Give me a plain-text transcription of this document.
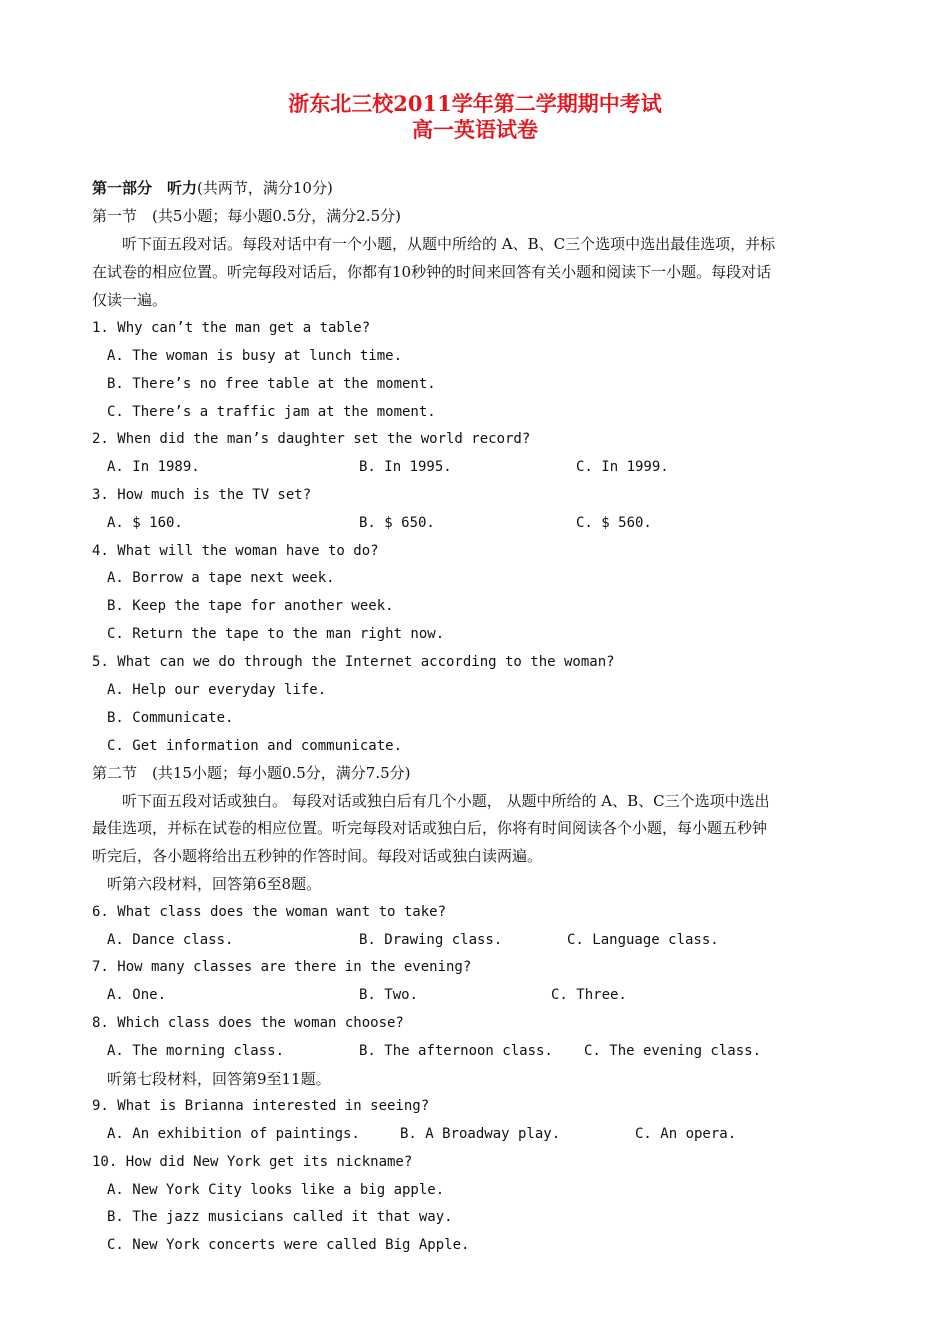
浙东北三校2011学年第二学期期中考试
高一英语试卷
第一部分　听力(共两节，满分10分)
第一节　(共5小题；每小题0.5分，满分2.5分)
听下面五段对话。每段对话中有一个小题，从题中所给的 A、B、C三个选项中选出最佳选项，并标
在试卷的相应位置。听完每段对话后，你都有10秒钟的时间来回答有关小题和阅读下一小题。每段对话
仅读一遍。
1. Why can’t the man get a table?
A. The woman is busy at lunch time.
B. There’s no free table at the moment.
C. There’s a traffic jam at the moment.
2. When did the man’s daughter set the world record?
A. In 1989.	B. In 1995.	C. In 1999.
3. How much is the TV set?
A. $ 160.	B. $ 650.	C. $ 560.
4. What will the woman have to do?
A. Borrow a tape next week.
B. Keep the tape for another week.
C. Return the tape to the man right now.
5. What can we do through the Internet according to the woman?
A. Help our everyday life.
B. Communicate.
C. Get information and communicate.
第二节　(共15小题；每小题0.5分，满分7.5分)
听下面五段对话或独白。 每段对话或独白后有几个小题， 从题中所给的 A、B、C三个选项中选出
最佳选项，并标在试卷的相应位置。听完每段对话或独白后，你将有时间阅读各个小题，每小题五秒钟
听完后，各小题将给出五秒钟的作答时间。每段对话或独白读两遍。
听第六段材料，回答第6至8题。
6. What class does the woman want to take?
A. Dance class.	B. Drawing class.	C. Language class.
7. How many classes are there in the evening?
A. One.	B. Two.	C. Three.
8. Which class does the woman choose?
A. The morning class.	B. The afternoon class. C. The evening class.
听第七段材料，回答第9至11题。
9. What is Brianna interested in seeing?
A. An exhibition of paintings.	B. A Broadway play.	C. An opera.
10. How did New York get its nickname?
A. New York City looks like a big apple.
B. The jazz musicians called it that way.
C. New York concerts were called Big Apple.
